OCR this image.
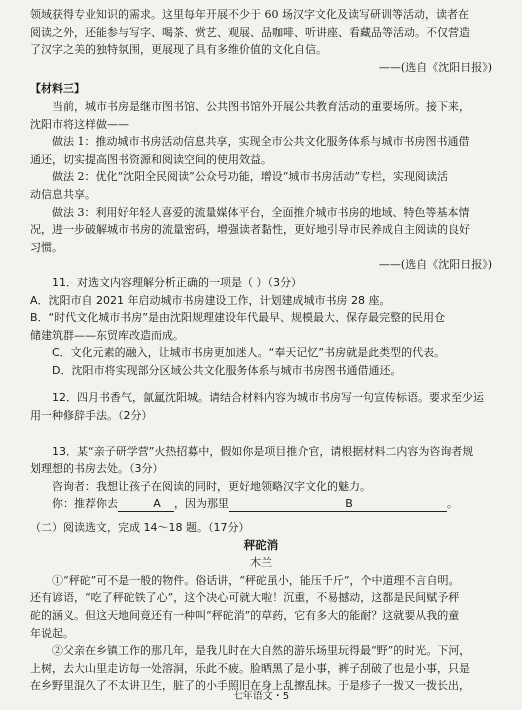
领域获得专业知识的需求。这里每年开展不少于 60 场汉字文化及读写研训等活动，读者在

阅读之外，还能参与写字、喝茶、赏艺、观展、品咖啡、听讲座、看藏品等活动。不仅营造

了汉字之美的独特氛围，更展现了具有多维价值的文化自信。

——(选自《沈阳日报》)

【材料三】

当前，城市书房是继市图书馆、公共图书馆外开展公共教育活动的重要场所。接下来，

沈阳市将这样做——

做法 1：推动城市书房活动信息共享，实现全市公共文化服务体系与城市书房图书通借

通还，切实提高图书资源和阅读空间的使用效益。

做法 2：优化“沈阳全民阅读”公众号功能，增设“城市书房活动”专栏，实现阅读活

动信息共享。

做法 3：利用好年轻人喜爱的流量媒体平台，全面推介城市书房的地域、特色等基本情

况，进一步破解城市书房的流量密码，增强读者黏性，更好地引导市民养成自主阅读的良好

习惯。

——(选自《沈阳日报》)

11．对选文内容理解分析正确的一项是（ ）（3分）

A．沈阳市自 2021 年启动城市书房建设工作，计划建成城市书房 28 座。

B．“时代文化城市书房”是由沈阳规理建设年代最早、规模最大、保存最完整的民用仓

储建筑群——东贸库改造而成。

C．文化元素的融入，让城市书房更加迷人。“奉天记忆”书房就是此类型的代表。

D．沈阳市将实现部分区域公共文化服务体系与城市书房图书通借通还。

12．四月书香气，氤氲沈阳城。请结合材料内容为城市书房写一句宣传标语。要求至少运

用一种修辞手法。（2分）

13．某“亲子研学营”火热招募中，假如你是项目推介官，请根据材料二内容为咨询者规

划理想的书房去处。（3分）

咨询者：我想让孩子在阅读的同时，更好地领略汉字文化的魅力。

你：推荐你去	A ，因为那里	B	。

（二）阅读选文，完成 14～18 题。（17分）

秤砣消

木兰

①“秤砣”可不是一般的物件。俗话讲，“秤砣虽小，能压千斤”，个中道理不言自明。

还有谚语，“吃了秤砣铁了心”，这个决心可就大啦！沉重，不易撼动，这都是民间赋予秤

砣的涵义。但这天地间竟还有一种叫“秤砣消”的草药，它有多大的能耐？这就要从我的童

年说起。

②父亲在乡镇工作的那几年，是我儿时在大自然的游乐场里玩得最“野”的时光。下河，

上树，去大山里走访每一处溶洞，乐此不疲。脸晒黑了是小事，裤子刮破了也是小事，只是

在乡野里混久了不太讲卫生，脏了的小手照旧在身上乱擦乱抹。于是疹子一拨又一拨长出，

七年语文・5
